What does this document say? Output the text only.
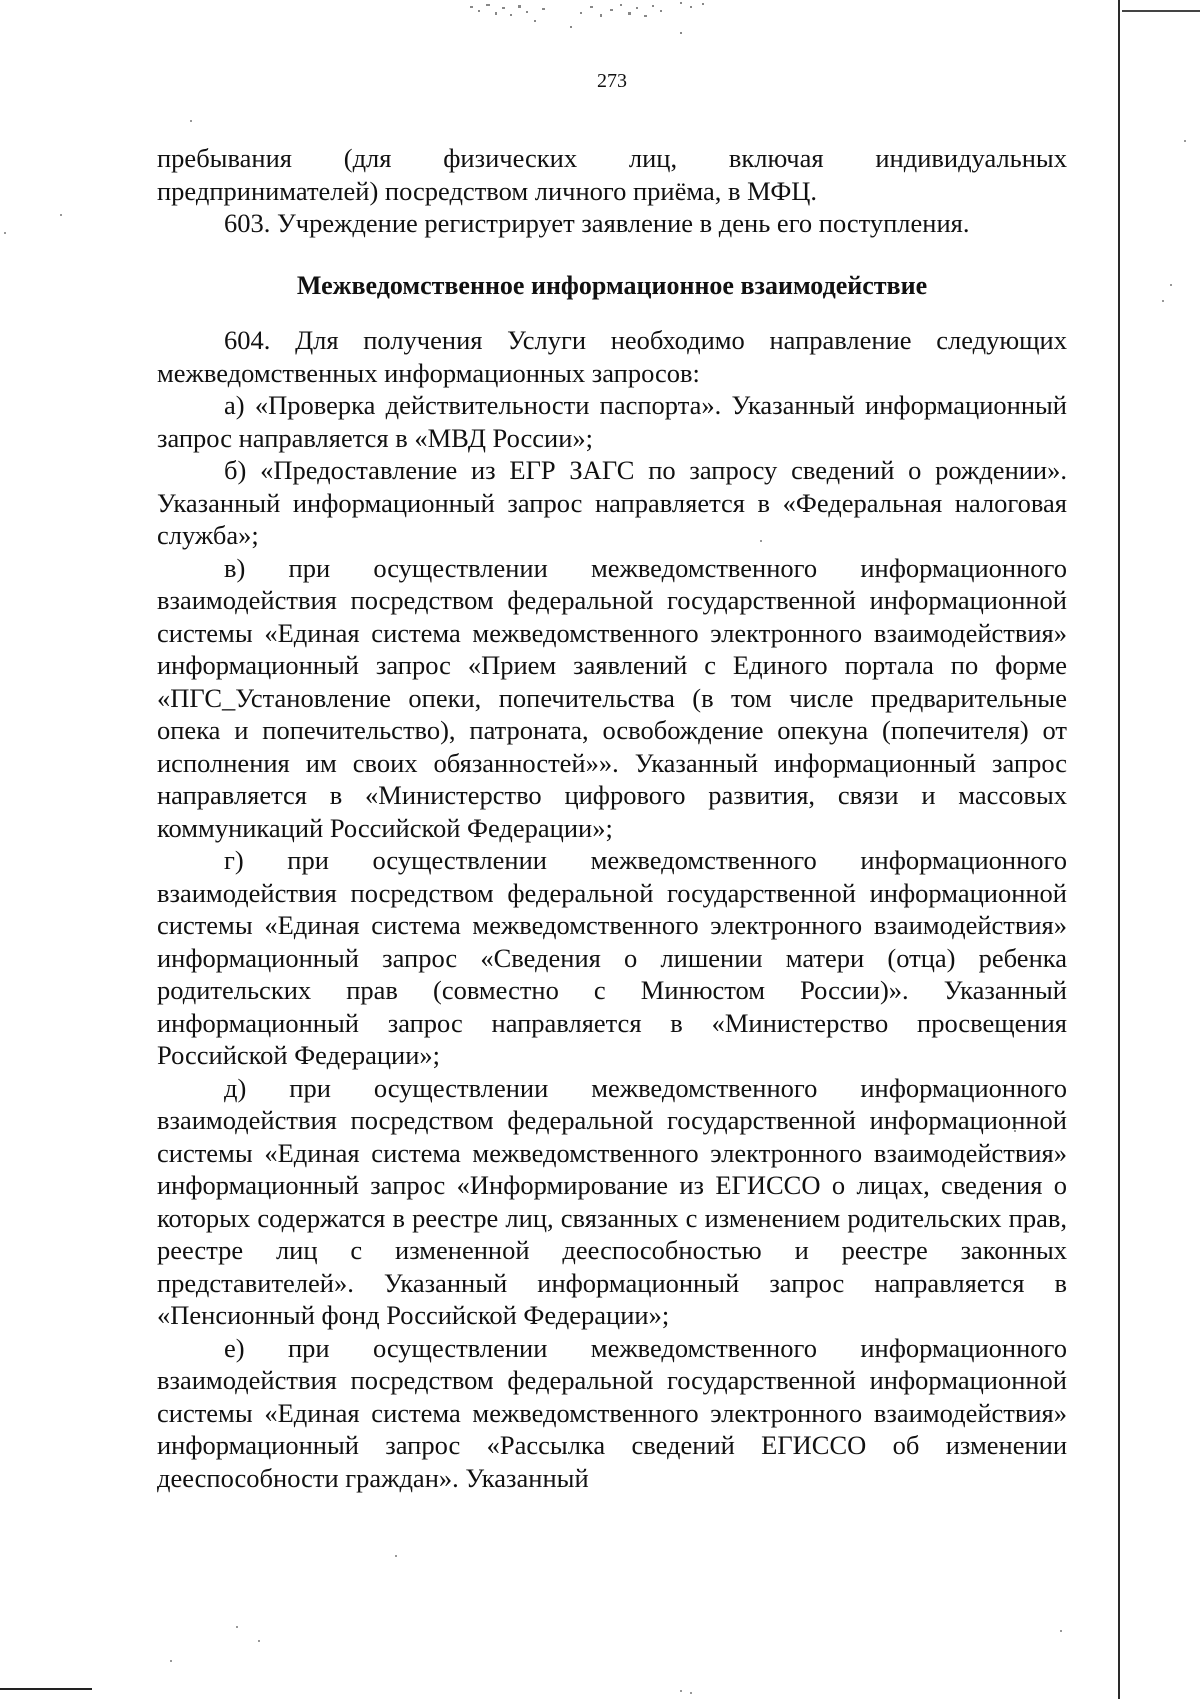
273

пребывания (для физических лиц, включая индивидуальных предпринимателей) посредством личного приёма, в МФЦ.

603. Учреждение регистрирует заявление в день его поступления.

Межведомственное информационное взаимодействие

604. Для получения Услуги необходимо направление следующих межведомственных информационных запросов:

а) «Проверка действительности паспорта». Указанный информационный запрос направляется в «МВД России»;

б) «Предоставление из ЕГР ЗАГС по запросу сведений о рождении». Указанный информационный запрос направляется в «Федеральная налоговая служба»;

в) при осуществлении межведомственного информационного взаимодействия посредством федеральной государственной информационной системы «Единая система межведомственного электронного взаимодействия» информационный запрос «Прием заявлений с Единого портала по форме «ПГС_Установление опеки, попечительства (в том числе предварительные опека и попечительство), патроната, освобождение опекуна (попечителя) от исполнения им своих обязанностей»». Указанный информационный запрос направляется в «Министерство цифрового развития, связи и массовых коммуникаций Российской Федерации»;

г) при осуществлении межведомственного информационного взаимодействия посредством федеральной государственной информационной системы «Единая система межведомственного электронного взаимодействия» информационный запрос «Сведения о лишении матери (отца) ребенка родительских прав (совместно с Минюстом России)». Указанный информационный запрос направляется в «Министерство просвещения Российской Федерации»;

д) при осуществлении межведомственного информационного взаимодействия посредством федеральной государственной информационной системы «Единая система межведомственного электронного взаимодействия» информационный запрос «Информирование из ЕГИССО о лицах, сведения о которых содержатся в реестре лиц, связанных с изменением родительских прав, реестре лиц с измененной дееспособностью и реестре законных представителей». Указанный информационный запрос направляется в «Пенсионный фонд Российской Федерации»;

е) при осуществлении межведомственного информационного взаимодействия посредством федеральной государственной информационной системы «Единая система межведомственного электронного взаимодействия» информационный запрос «Рассылка сведений ЕГИССО об изменении дееспособности граждан». Указанный
